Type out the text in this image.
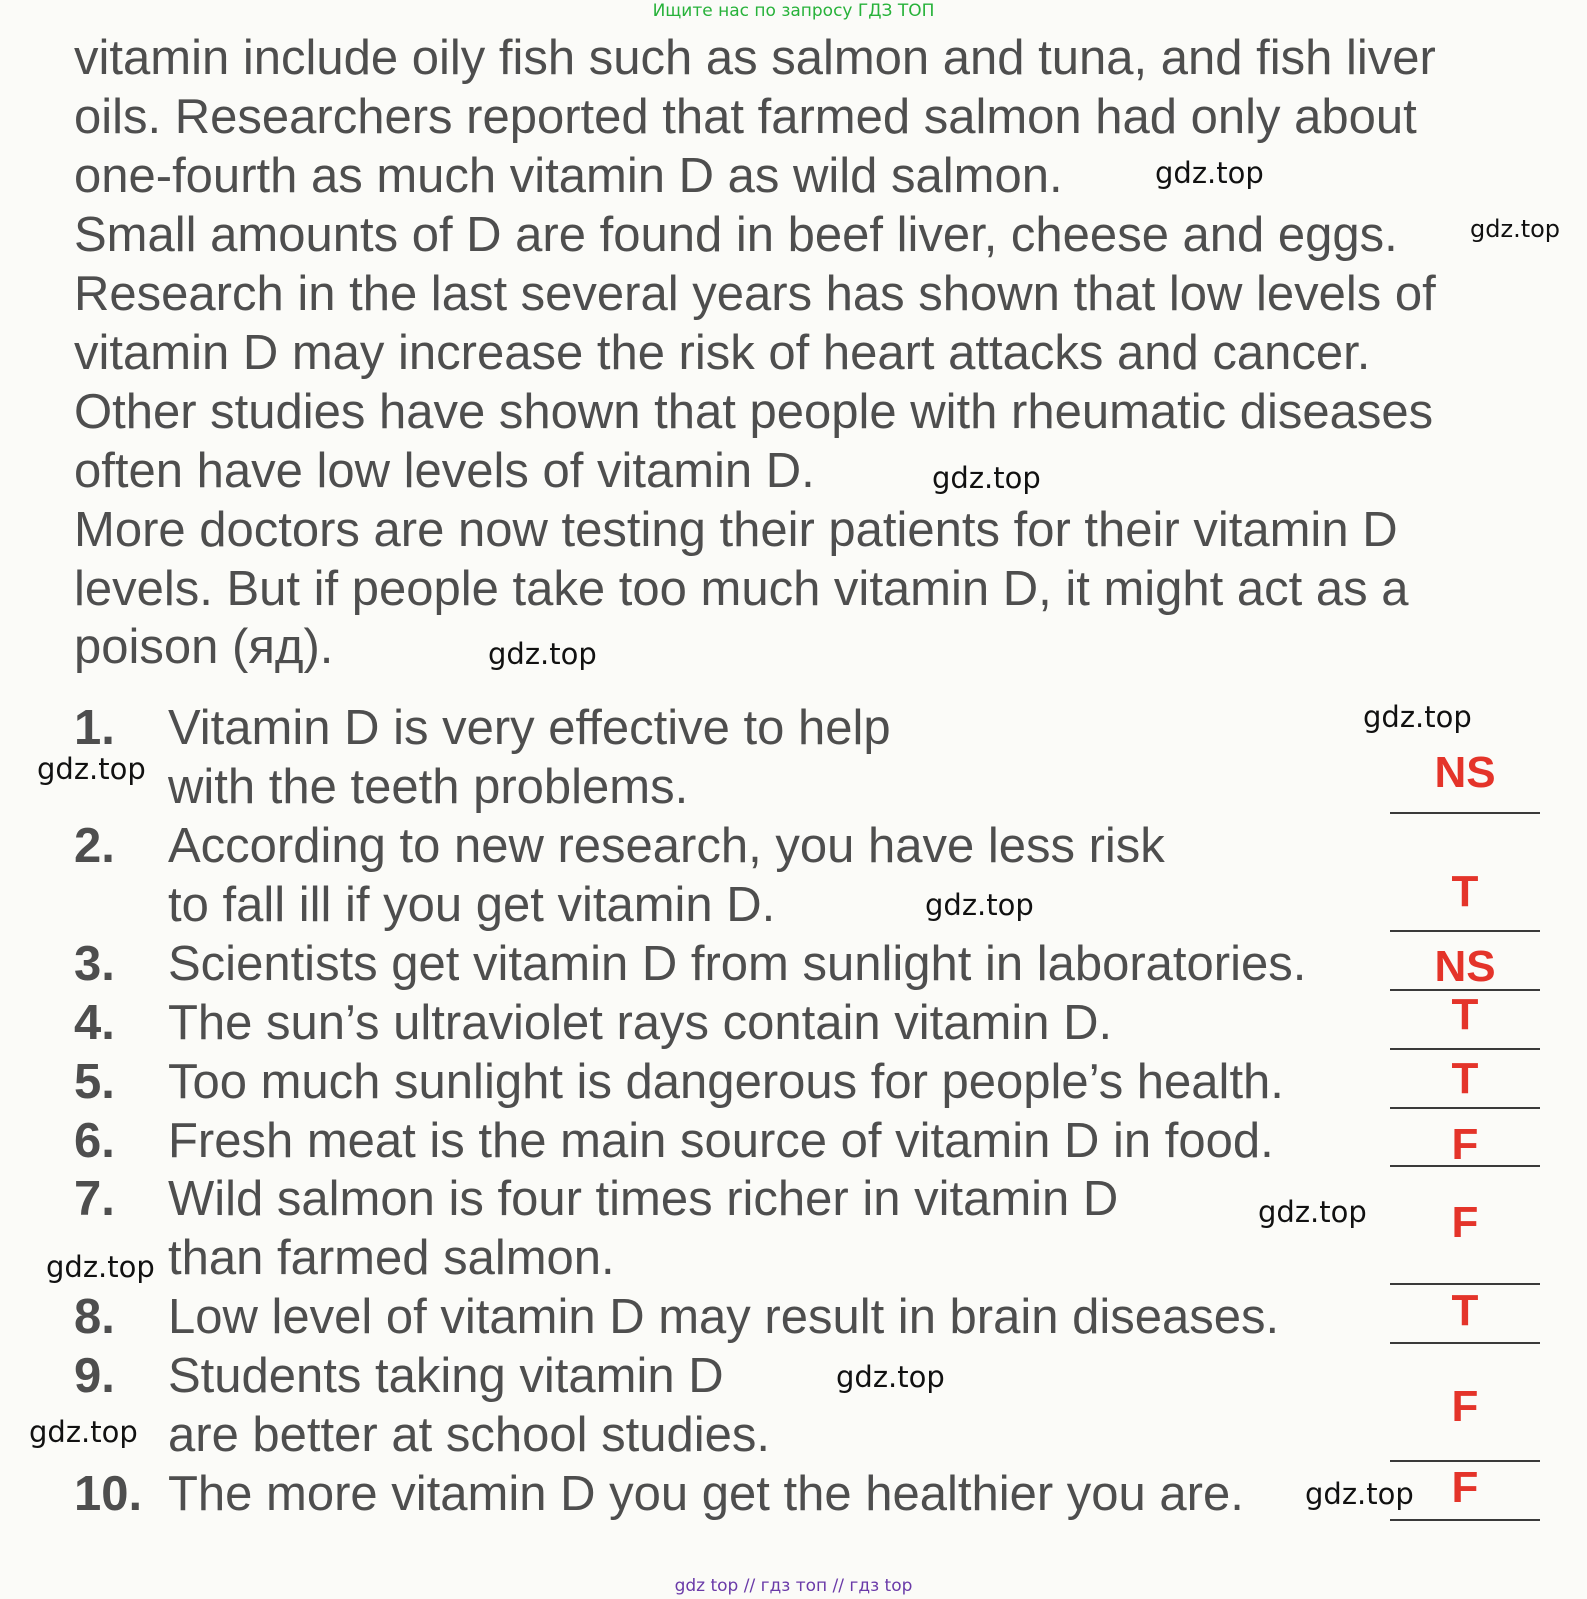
Ищите нас по запросу ГДЗ ТОП
vitamin include oily fish such as salmon and tuna, and fish liver
oils. Researchers reported that farmed salmon had only about
one-fourth as much vitamin D as wild salmon.
Small amounts of D are found in beef liver, cheese and eggs.
Research in the last several years has shown that low levels of
vitamin D may increase the risk of heart attacks and cancer.
Other studies have shown that people with rheumatic diseases
often have low levels of vitamin D.
More doctors are now testing their patients for their vitamin D
levels. But if people take too much vitamin D, it might act as a
poison (яд).
1. Vitamin D is very effective to help
with the teeth problems.	NS
2. According to new research, you have less risk
to fall ill if you get vitamin D.	T
3. Scientists get vitamin D from sunlight in laboratories.	NS
4. The sun’s ultraviolet rays contain vitamin D.	T
5. Too much sunlight is dangerous for people’s health.	T
6. Fresh meat is the main source of vitamin D in food.	F
7. Wild salmon is four times richer in vitamin D
than farmed salmon.
F
8. Low level of vitamin D may result in brain diseases.	T
9. Students taking vitamin D
are better at school studies.
F
10. The more vitamin D you get the healthier you are.	F
gdz.top
gdz.top
gdz.top
gdz.top
gdz.top
gdz.top
gdz.top
gdz.top
gdz.top
gdz.top
gdz.top
gdz.top
gdz top // гдз топ // гдз top
